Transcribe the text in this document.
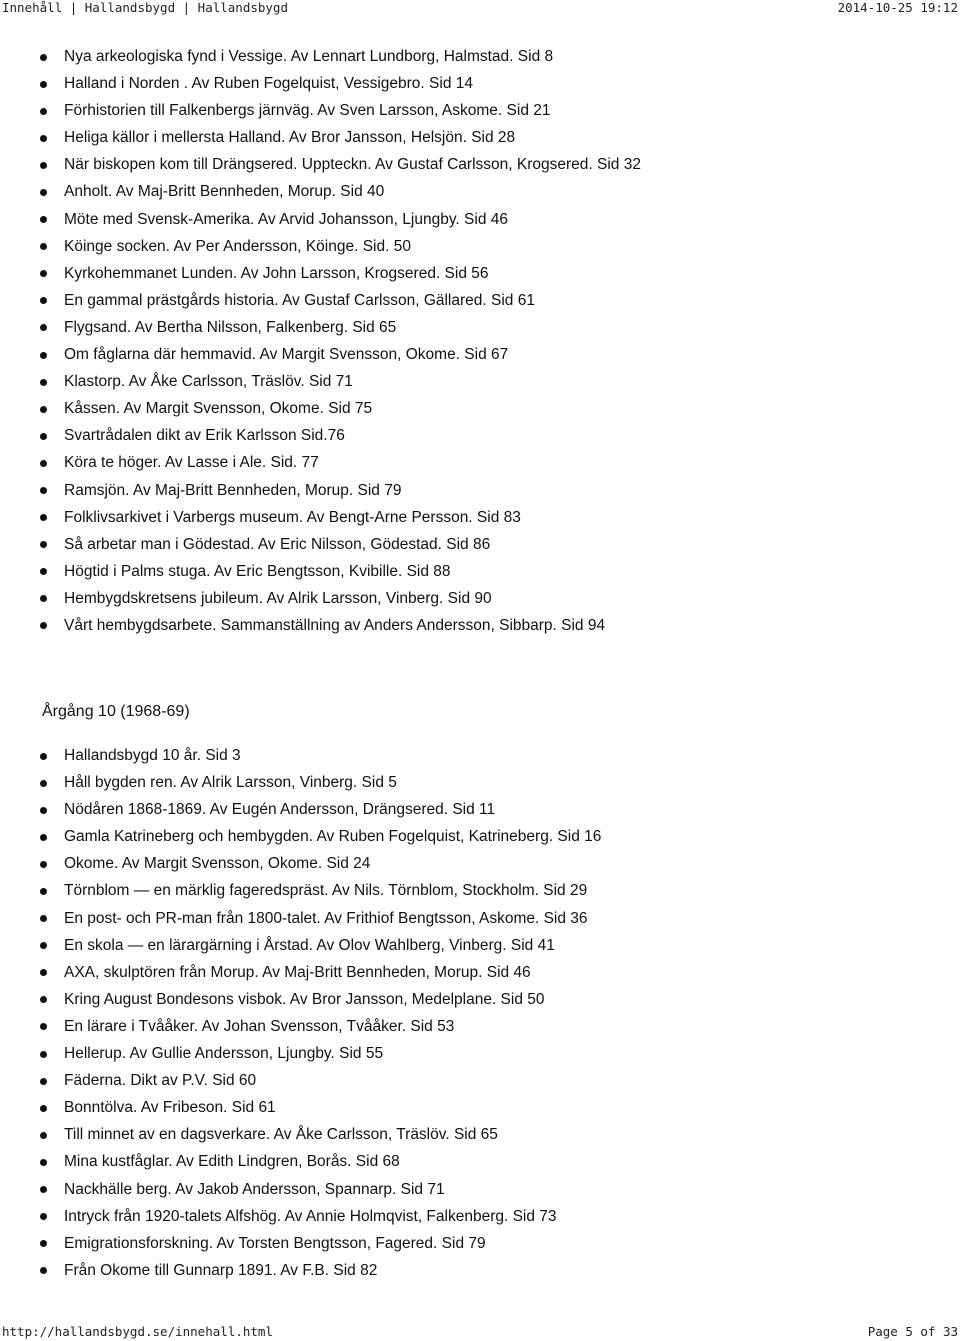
Innehåll | Hallandsbygd | Hallandsbygd	2014-10-25 19:12
Nya arkeologiska fynd i Vessige. Av Lennart Lundborg, Halmstad. Sid 8
Halland i Norden . Av Ruben Fogelquist, Vessigebro. Sid 14
Förhistorien till Falkenbergs järnväg. Av Sven Larsson, Askome. Sid 21
Heliga källor i mellersta Halland. Av Bror Jansson, Helsjön. Sid 28
När biskopen kom till Drängsered. Uppteckn. Av Gustaf Carlsson, Krogsered. Sid 32
Anholt. Av Maj-Britt Bennheden, Morup. Sid 40
Möte med Svensk-Amerika. Av Arvid Johansson, Ljungby. Sid 46
Köinge socken. Av Per Andersson, Köinge. Sid. 50
Kyrkohemmanet Lunden. Av John Larsson, Krogsered. Sid 56
En gammal prästgårds historia. Av Gustaf Carlsson, Gällared. Sid 61
Flygsand. Av Bertha Nilsson, Falkenberg. Sid 65
Om fåglarna där hemmavid. Av Margit Svensson, Okome. Sid 67
Klastorp. Av Åke Carlsson, Träslöv. Sid 71
Kåssen. Av Margit Svensson, Okome. Sid 75
Svartrådalen dikt av Erik Karlsson Sid.76
Köra te höger. Av Lasse i Ale. Sid. 77
Ramsjön. Av Maj-Britt Bennheden, Morup. Sid 79
Folklivsarkivet i Varbergs museum. Av Bengt-Arne Persson. Sid 83
Så arbetar man i Gödestad. Av Eric Nilsson, Gödestad. Sid 86
Högtid i Palms stuga. Av Eric Bengtsson, Kvibille. Sid 88
Hembygdskretsens jubileum. Av Alrik Larsson, Vinberg. Sid 90
Vårt hembygdsarbete. Sammanställning av Anders Andersson, Sibbarp. Sid 94
Årgång 10 (1968-69)
Hallandsbygd 10 år. Sid 3
Håll bygden ren. Av Alrik Larsson, Vinberg. Sid 5
Nödåren 1868-1869. Av Eugén Andersson, Drängsered. Sid 11
Gamla Katrineberg och hembygden. Av Ruben Fogelquist, Katrineberg. Sid 16
Okome. Av Margit Svensson, Okome. Sid 24
Törnblom — en märklig fageredspräst. Av Nils. Törnblom, Stockholm. Sid 29
En post- och PR-man från 1800-talet. Av Frithiof Bengtsson, Askome. Sid 36
En skola — en lärargärning i Årstad. Av Olov Wahlberg, Vinberg. Sid 41
AXA, skulptören från Morup. Av Maj-Britt Bennheden, Morup. Sid 46
Kring August Bondesons visbok. Av Bror Jansson, Medelplane. Sid 50
En lärare i Tvååker. Av Johan Svensson, Tvååker. Sid 53
Hellerup. Av Gullie Andersson, Ljungby. Sid 55
Fäderna. Dikt av P.V. Sid 60
Bonntölva. Av Fribeson. Sid 61
Till minnet av en dagsverkare. Av Åke Carlsson, Träslöv. Sid 65
Mina kustfåglar. Av Edith Lindgren, Borås. Sid 68
Nackhälle berg. Av Jakob Andersson, Spannarp. Sid 71
Intryck från 1920-talets Alfshög. Av Annie Holmqvist, Falkenberg. Sid 73
Emigrationsforskning. Av Torsten Bengtsson, Fagered. Sid 79
Från Okome till Gunnarp 1891. Av F.B. Sid 82
http://hallandsbygd.se/innehall.html	Page 5 of 33
